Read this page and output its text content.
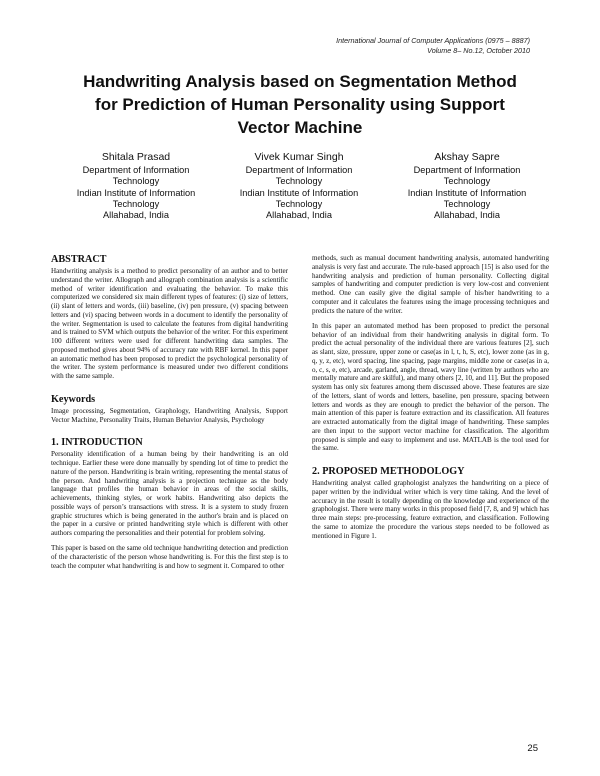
International Journal of Computer Applications (0975 – 8887)
Volume 8– No.12, October 2010
Handwriting Analysis based on Segmentation Method
for Prediction of Human Personality using Support
Vector Machine
Shitala Prasad
Department of Information
Technology
Indian Institute of Information
Technology
Allahabad, India
Vivek Kumar Singh
Department of Information
Technology
Indian Institute of Information
Technology
Allahabad, India
Akshay Sapre
Department of Information
Technology
Indian Institute of Information
Technology
Allahabad, India
ABSTRACT

Handwriting analysis is a method to predict personality of an author and to better understand the writer. Allograph and allograph combination analysis is a scientific method of writer identification and evaluating the behavior. To make this computerized we considered six main different types of features: (i) size of letters, (ii) slant of letters and words, (iii) baseline, (iv) pen pressure, (v) spacing between letters and (vi) spacing between words in a document to identify the personality of the writer. Segmentation is used to calculate the features from digital handwriting and is trained to SVM which outputs the behavior of the writer. For this experiment 100 different writers were used for different handwriting data samples. The proposed method gives about 94% of accuracy rate with RBF kernel. In this paper an automatic method has been proposed to predict the psychological personality of the writer. The system performance is measured under two different conditions with the same sample.

Keywords

Image processing, Segmentation, Graphology, Handwriting Analysis, Support Vector Machine, Personality Traits, Human Behavior Analysis, Psychology

1. INTRODUCTION

Personality identification of a human being by their handwriting is an old technique. Earlier these were done manually by spending lot of time to predict the nature of the person. Handwriting is brain writing, representing the mental status of the person. And handwriting analysis is a projection technique as the body language that profiles the human behavior in areas of the social skills, achievements, thinking styles, or work habits. Handwriting also depicts the possible ways of person’s transactions with stress. It is a system to study frozen graphic structures which is being generated in the author's brain and is placed on the paper in a cursive or printed handwriting style which is different with other authors comparing the personalities and their potential for problem solving.

This paper is based on the same old technique handwriting detection and prediction of the characteristic of the person whose handwriting is. For this the first step is to teach the computer what handwriting is and how to segment it. Compared to other

methods, such as manual document handwriting analysis, automated handwriting analysis is very fast and accurate. The rule-based approach [15] is also used for the handwriting analysis and prediction of human personality. Collecting digital samples of handwriting and computer prediction is very low-cost and convenient method. One can easily give the digital sample of his/her handwriting to a computer and it calculates the features using the image processing techniques and predicts the nature of the writer.

In this paper an automated method has been proposed to predict the personal behavior of an individual from their handwriting analysis in digital form. To predict the actual personality of the individual there are various features [2], such as slant, size, pressure, upper zone or case(as in l, t, h, S, etc), lower zone (as in g, q, y, z, etc), word spacing, line spacing, page margins, middle zone or case(as in a, o, c, s, e, etc), arcade, garland, angle, thread, wavy line (written by authors who are mentally mature and are skilful), and many others [2, 10, and 11]. But the proposed system has only six features among them discussed above. These features are size of the letters, slant of words and letters, baseline, pen pressure, spacing between letters and words as they are enough to predict the behavior of the person. The main attention of this paper is feature extraction and its classification. All features are extracted automatically from the digital image of handwriting. These samples are then input to the support vector machine for classification. The algorithm proposed is simple and easy to implement and use. MATLAB is the tool used for the same.

2. PROPOSED METHODOLOGY

Handwriting analyst called graphologist analyzes the handwriting on a piece of paper written by the individual writer which is very time taking. And the level of accuracy in the result is totally depending on the knowledge and experience of the graphologist. There were many works in this proposed field [7, 8, and 9] which has three main steps: pre-processing, feature extraction, and classification. Following the same to atomize the procedure the various steps needed to be followed as mentioned in Figure 1.

25
